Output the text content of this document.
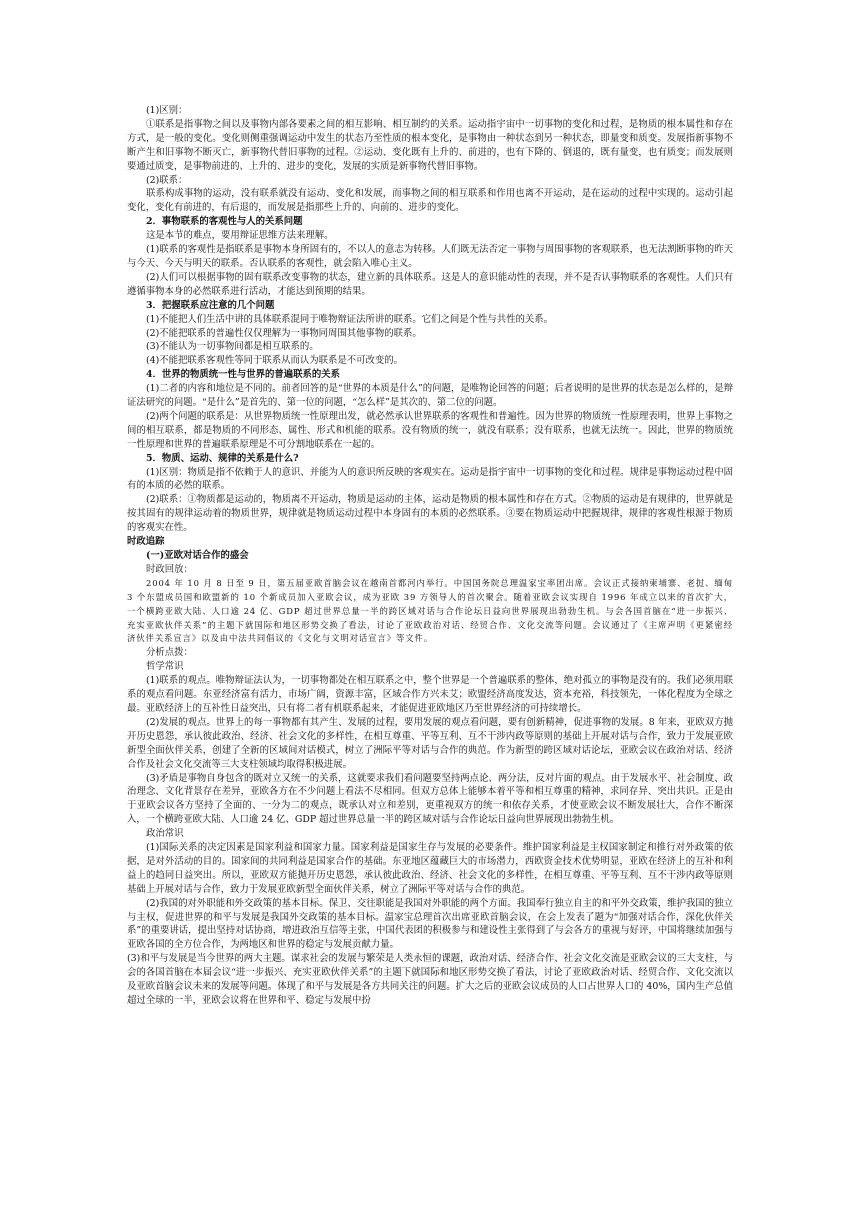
(1)区别：

①联系是指事物之间以及事物内部各要素之间的相互影响、相互制约的关系。运动指宇宙中一切事物的变化和过程，是物质的根本属性和存在方式，是一般的变化。变化则侧重强调运动中发生的状态乃至性质的根本变化，是事物由一种状态到另一种状态，即量变和质变。发展指新事物不断产生和旧事物不断灭亡，新事物代替旧事物的过程。②运动、变化既有上升的、前进的，也有下降的、倒退的，既有量变，也有质变；而发展则要通过质变，是事物前进的、上升的、进步的变化，发展的实质是新事物代替旧事物。

(2)联系：

联系构成事物的运动，没有联系就没有运动、变化和发展，而事物之间的相互联系和作用也离不开运动，是在运动的过程中实现的。运动引起变化，变化有前进的，有后退的，而发展是指那些上升的、向前的、进步的变化。

2．事物联系的客观性与人的关系问题

这是本节的难点，要用辩证思维方法来理解。

(1)联系的客观性是指联系是事物本身所固有的，不以人的意志为转移。人们既无法否定一事物与周围事物的客观联系，也无法割断事物的昨天与今天、今天与明天的联系。否认联系的客观性，就会陷入唯心主义。

(2)人们可以根据事物的固有联系改变事物的状态，建立新的具体联系。这是人的意识能动性的表现，并不是否认事物联系的客观性。人们只有遵循事物本身的必然联系进行活动，才能达到预期的结果。

3．把握联系应注意的几个问题

(1)不能把人们生活中讲的具体联系混同于唯物辩证法所讲的联系。它们之间是个性与共性的关系。

(2)不能把联系的普遍性仅仅理解为一事物同周围其他事物的联系。

(3)不能认为一切事物间都是相互联系的。

(4)不能把联系客观性等同于联系从而认为联系是不可改变的。

4．世界的物质统一性与世界的普遍联系的关系

(1)二者的内容和地位是不同的。前者回答的是“世界的本质是什么”的问题，是唯物论回答的问题；后者说明的是世界的状态是怎么样的，是辩证法研究的问题。“是什么”是首先的、第一位的问题，“怎么样”是其次的、第二位的问题。

(2)两个问题的联系是：从世界物质统一性原理出发，就必然承认世界联系的客观性和普遍性。因为世界的物质统一性原理表明，世界上事物之间的相互联系，都是物质的不同形态、属性、形式和机能的联系。没有物质的统一，就没有联系；没有联系，也就无法统一。因此，世界的物质统一性原理和世界的普遍联系原理是不可分割地联系在一起的。

5．物质、运动、规律的关系是什么?

(1)区别：物质是指不依赖于人的意识、并能为人的意识所反映的客观实在。运动是指宇宙中一切事物的变化和过程。规律是事物运动过程中固有的本质的必然的联系。

(2)联系：①物质都是运动的，物质离不开运动，物质是运动的主体，运动是物质的根本属性和存在方式。②物质的运动是有规律的，世界就是按其固有的规律运动着的物质世界，规律就是物质运动过程中本身固有的本质的必然联系。③要在物质运动中把握规律，规律的客观性根源于物质的客观实在性。

时政追踪

(一)亚欧对话合作的盛会

时政回放：

2004 年 10 月 8 日至 9 日，第五届亚欧首脑会议在越南首都河内举行。中国国务院总理温家宝率团出席。会议正式接纳柬埔寨、老挝、缅甸 3 个东盟成员国和欧盟新的 10 个新成员加入亚欧会议，成为亚欧 39 方领导人的首次聚会。随着亚欧会议实现自 1996 年成立以来的首次扩大，一个横跨亚欧大陆、人口逾 24 亿、GDP 超过世界总量一半的跨区域对话与合作论坛日益向世界展现出勃勃生机。与会各国首脑在“进一步振兴、充实亚欧伙伴关系”的主题下就国际和地区形势交换了看法，讨论了亚欧政治对话、经贸合作、文化交流等问题。会议通过了《主席声明《更紧密经济伙伴关系宣言》以及由中法共同倡议的《文化与文明对话宣言》等文件。

分析点拨：

哲学常识

(1)联系的观点。唯物辩证法认为，一切事物都处在相互联系之中，整个世界是一个普遍联系的整体，绝对孤立的事物是没有的。我们必须用联系的观点看问题。东亚经济富有活力，市场广阔，资源丰富，区域合作方兴未艾；欧盟经济高度发达，资本充裕，科技领先，一体化程度为全球之最。亚欧经济上的互补性日益突出，只有将二者有机联系起来，才能促进亚欧地区乃至世界经济的可持续增长。

(2)发展的观点。世界上的每一事物都有其产生、发展的过程，要用发展的观点看问题，要有创新精神，促进事物的发展。8 年来，亚欧双方抛开历史恩怨，承认彼此政治、经济、社会文化的多样性，在相互尊重、平等互利、互不干涉内政等原则的基础上开展对话与合作，致力于发展亚欧新型全面伙伴关系，创建了全新的区域间对话模式，树立了洲际平等对话与合作的典范。作为新型的跨区域对话论坛，亚欧会议在政治对话、经济合作及社会文化交流等三大支柱领域均取得积极进展。

(3)矛盾是事物自身包含的既对立又统一的关系，这就要求我们看问题要坚持两点论、两分法，反对片面的观点。由于发展水平、社会制度、政治理念、文化背景存在差异，亚欧各方在不少问题上看法不尽相同。但双方总体上能够本着平等和相互尊重的精神，求同存异、突出共识。正是由于亚欧会议各方坚持了全面的、一分为二的观点，既承认对立和差别，更重视双方的统一和依存关系，才使亚欧会议不断发展壮大，合作不断深入，一个横跨亚欧大陆、人口逾 24 亿、GDP 超过世界总量一半的跨区域对话与合作论坛日益向世界展现出勃勃生机。

政治常识

(1)国际关系的决定因素是国家利益和国家力量。国家利益是国家生存与发展的必要条件。维护国家利益是主权国家制定和推行对外政策的依据，是对外活动的目的。国家间的共同利益是国家合作的基础。东亚地区蕴藏巨大的市场潜力，西欧资金技术优势明显，亚欧在经济上的互补和利益上的趋同日益突出。所以，亚欧双方能抛开历史恩怨，承认彼此政治、经济、社会文化的多样性，在相互尊重、平等互利、互不干涉内政等原则基础上开展对话与合作，致力于发展亚欧新型全面伙伴关系，树立了洲际平等对话与合作的典范。

(2)我国的对外职能和外交政策的基本目标。保卫、交往职能是我国对外职能的两个方面。我国奉行独立自主的和平外交政策，维护我国的独立与主权，促进世界的和平与发展是我国外交政策的基本目标。温家宝总理首次出席亚欧首脑会议，在会上发表了题为“加强对话合作，深化伙伴关系”的重要讲话，提出坚持对话协商，增进政治互信等主张，中国代表团的积极参与和建设性主张得到了与会各方的重视与好评，中国将继续加强与亚欧各国的全方位合作，为两地区和世界的稳定与发展贡献力量。

(3)和平与发展是当今世界的两大主题。谋求社会的发展与繁荣是人类永恒的课题，政治对话、经济合作、社会文化交流是亚欧会议的三大支柱，与会的各国首脑在本届会议“进一步振兴、充实亚欧伙伴关系”的主题下就国际和地区形势交换了看法，讨论了亚欧政治对话、经贸合作、文化交流以及亚欧首脑会议未来的发展等问题。体现了和平与发展是各方共同关注的问题。扩大之后的亚欧会议成员的人口占世界人口的 40%，国内生产总值超过全球的一半，亚欧会议将在世界和平、稳定与发展中扮
